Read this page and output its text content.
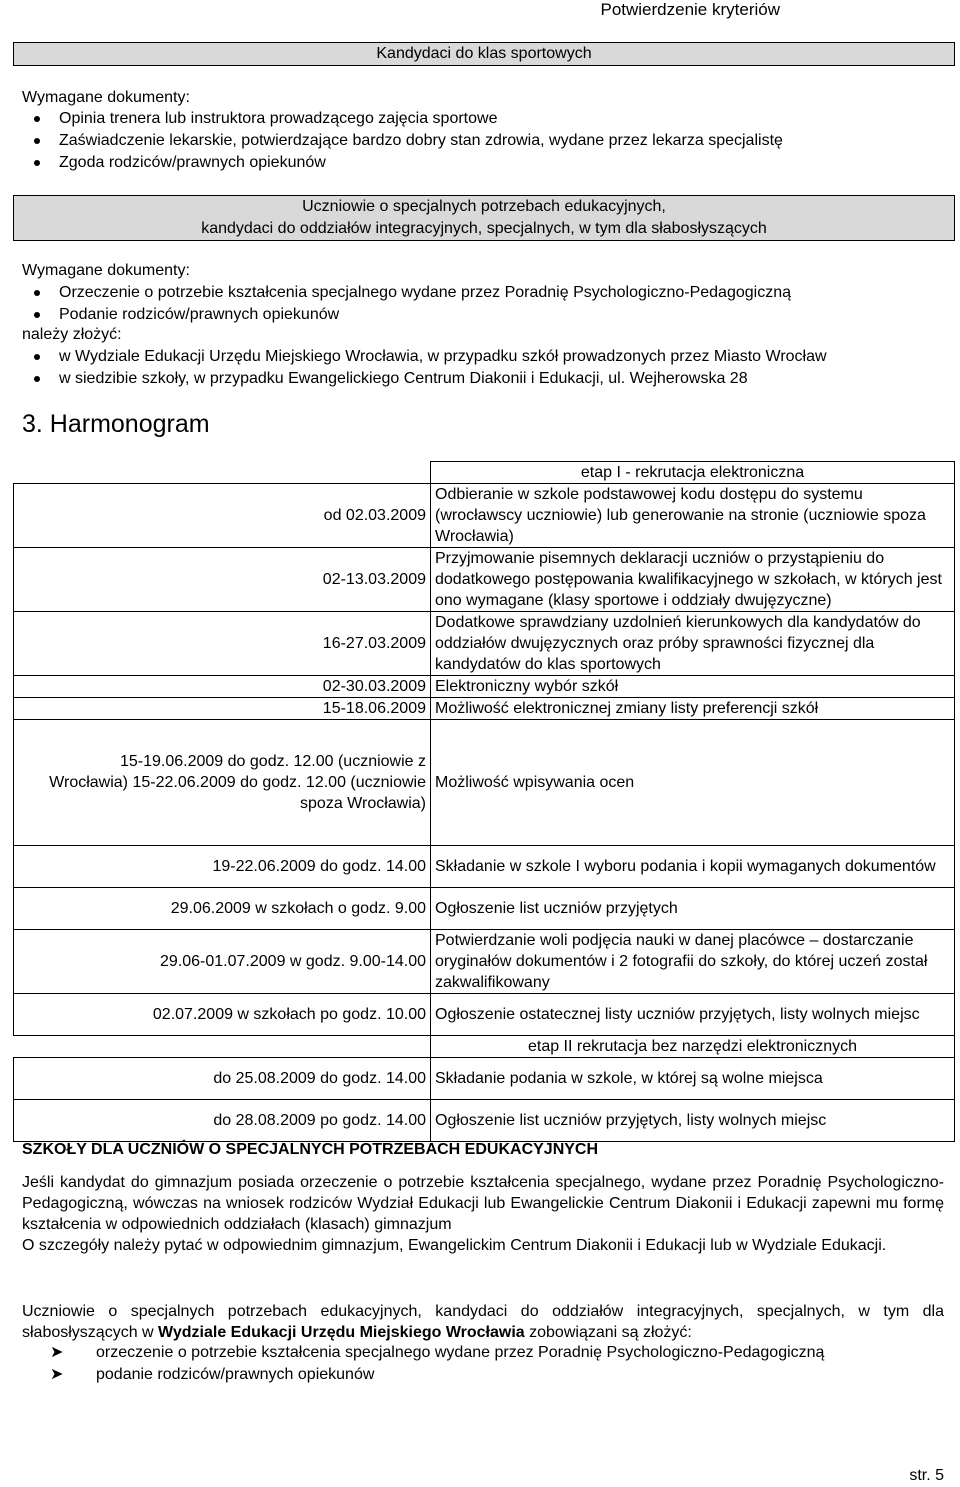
Potwierdzenie kryteriów
Kandydaci do klas sportowych
Wymagane dokumenty:
Opinia trenera lub instruktora prowadzącego zajęcia sportowe
Zaświadczenie lekarskie, potwierdzające bardzo dobry stan zdrowia, wydane przez lekarza specjalistę
Zgoda rodziców/prawnych opiekunów
Uczniowie o specjalnych potrzebach edukacyjnych,
kandydaci do oddziałów integracyjnych, specjalnych, w tym dla słabosłyszących
Wymagane dokumenty:
Orzeczenie o potrzebie kształcenia specjalnego wydane przez Poradnię Psychologiczno-Pedagogiczną
Podanie rodziców/prawnych opiekunów
należy złożyć:
w Wydziale Edukacji Urzędu Miejskiego Wrocławia, w przypadku szkół prowadzonych przez Miasto Wrocław
w siedzibie szkoły, w przypadku Ewangelickiego Centrum Diakonii i Edukacji, ul. Wejherowska 28
3. Harmonogram
	etap I - rekrutacja elektroniczna
od 02.03.2009	Odbieranie w szkole podstawowej kodu dostępu do systemu (wrocławscy uczniowie) lub generowanie na stronie (uczniowie spoza Wrocławia)
02-13.03.2009	Przyjmowanie pisemnych deklaracji uczniów o przystąpieniu do dodatkowego postępowania kwalifikacyjnego w szkołach, w których jest ono wymagane (klasy sportowe i oddziały dwujęzyczne)
16-27.03.2009	Dodatkowe sprawdziany uzdolnień kierunkowych dla kandydatów do oddziałów dwujęzycznych oraz próby sprawności fizycznej dla kandydatów do klas sportowych
02-30.03.2009	Elektroniczny wybór szkół
15-18.06.2009	Możliwość elektronicznej zmiany listy preferencji szkół
15-19.06.2009 do godz. 12.00 (uczniowie z Wrocławia) 15-22.06.2009 do godz. 12.00 (uczniowie spoza Wrocławia)	Możliwość wpisywania ocen
19-22.06.2009 do godz. 14.00	Składanie w szkole I wyboru podania i kopii wymaganych dokumentów
29.06.2009 w szkołach o godz. 9.00	Ogłoszenie list uczniów przyjętych
29.06-01.07.2009 w godz. 9.00-14.00	Potwierdzanie woli podjęcia nauki w danej placówce – dostarczanie oryginałów dokumentów i 2 fotografii do szkoły, do której uczeń został zakwalifikowany
02.07.2009 w szkołach po godz. 10.00	Ogłoszenie ostatecznej listy uczniów przyjętych, listy wolnych miejsc
	etap II rekrutacja bez narzędzi elektronicznych
do 25.08.2009 do godz. 14.00	Składanie podania w szkole, w której są wolne miejsca
do 28.08.2009 po godz. 14.00	Ogłoszenie list uczniów przyjętych, listy wolnych miejsc
SZKOŁY DLA UCZNIÓW O SPECJALNYCH POTRZEBACH EDUKACYJNYCH

Jeśli kandydat do gimnazjum posiada orzeczenie o potrzebie kształcenia specjalnego, wydane przez Poradnię Psychologiczno-Pedagogiczną, wówczas na wniosek rodziców Wydział Edukacji lub Ewangelickie Centrum Diakonii i Edukacji zapewni mu formę kształcenia w odpowiednich oddziałach (klasach) gimnazjum

O szczegóły należy pytać w odpowiednim gimnazjum, Ewangelickim Centrum Diakonii i Edukacji lub w Wydziale Edukacji.

Uczniowie o specjalnych potrzebach edukacyjnych, kandydaci do oddziałów integracyjnych, specjalnych, w tym dla słabosłyszących w Wydziale Edukacji Urzędu Miejskiego Wrocławia zobowiązani są złożyć:
➤ orzeczenie o potrzebie kształcenia specjalnego wydane przez Poradnię Psychologiczno-Pedagogiczną
➤ podanie rodziców/prawnych opiekunów
str. 5
